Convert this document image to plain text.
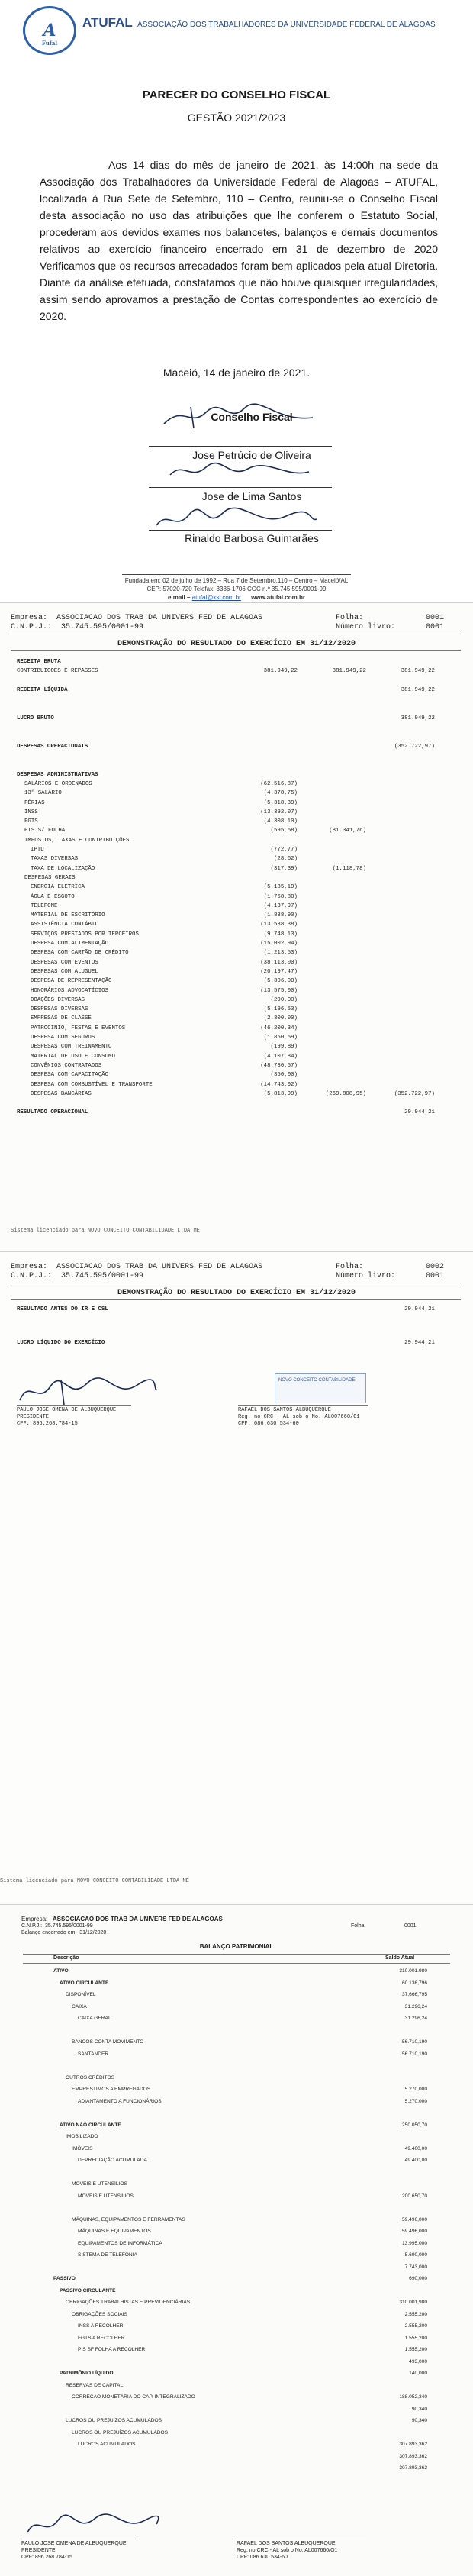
A
Fufal
ATUFAL ASSOCIAÇÃO DOS TRABALHADORES DA UNIVERSIDADE FEDERAL DE ALAGOAS
PARECER DO CONSELHO FISCAL
GESTÃO 2021/2023

Aos 14 dias do mês de janeiro de 2021, às 14:00h na sede da Associação dos Trabalhadores da Universidade Federal de Alagoas – ATUFAL, localizada à Rua Sete de Setembro, 110 – Centro, reuniu-se o Conselho Fiscal desta associação no uso das atribuições que lhe conferem o Estatuto Social, procederam aos devidos exames nos balancetes, balanços e demais documentos relativos ao exercício financeiro encerrado em 31 de dezembro de 2020 Verificamos que os recursos arrecadados foram bem aplicados pela atual Diretoria. Diante da análise efetuada, constatamos que não houve quaisquer irregularidades, assim sendo aprovamos a prestação de Contas correspondentes ao exercício de 2020.

Maceió, 14 de janeiro de 2021.
Conselho Fiscal
Jose Petrúcio de Oliveira
Jose de Lima Santos
Rinaldo Barbosa Guimarães
Fundada em: 02 de julho de 1992 – Rua 7 de Setembro,110 – Centro – Maceió/AL
CEP: 57020-720 Telefax: 3336-1706 CGC n.º 35.745.595/0001-99
e.mail – atufal@ksl.com.br www.atufal.com.br
Empresa: ASSOCIACAO DOS TRAB DA UNIVERS FED DE ALAGOAS
C.N.P.J.: 35.745.595/0001-99
Folha:	0001
Número livro:	0001
DEMONSTRAÇÃO DO RESULTADO DO EXERCÍCIO EM 31/12/2020
RECEITA BRUTA
CONTRIBUICOES E REPASSES	381.949,22	381.949,22	381.949,22
RECEITA LÍQUIDA	381.949,22
LUCRO BRUTO	381.949,22
DESPESAS OPERACIONAIS	(352.722,97)
DESPESAS ADMINISTRATIVAS
SALÁRIOS E ORDENADOS	(62.516,87)
13º SALÁRIO	(4.378,75)
FÉRIAS	(5.318,39)
INSS	(13.392,07)
FGTS	(4.308,10)
PIS S/ FOLHA	(595,58)	(81.341,76)
IMPOSTOS, TAXAS E CONTRIBUIÇÕES
IPTU	(772,77)
TAXAS DIVERSAS	(28,62)
TAXA DE LOCALIZAÇÃO	(317,39)	(1.118,78)
DESPESAS GERAIS
ENERGIA ELÉTRICA	(5.185,19)
ÁGUA E ESGOTO	(1.768,80)
TELEFONE	(4.137,97)
MATERIAL DE ESCRITÓRIO	(1.838,90)
ASSISTÊNCIA CONTÁBIL	(13.538,38)
SERVIÇOS PRESTADOS POR TERCEIROS	(9.748,13)
DESPESA COM ALIMENTAÇÃO	(15.002,94)
DESPESA COM CARTÃO DE CRÉDITO	(1.213,53)
DESPESAS COM EVENTOS	(38.113,00)
DESPESAS COM ALUGUEL	(20.197,47)
DESPESA DE REPRESENTAÇÃO	(5.306,00)
HONORÁRIOS ADVOCATÍCIOS	(13.575,00)
DOAÇÕES DIVERSAS	(290,00)
DESPESAS DIVERSAS	(5.196,53)
EMPRESAS DE CLASSE	(2.300,00)
PATROCÍNIO, FESTAS E EVENTOS	(46.200,34)
DESPESA COM SEGUROS	(1.850,59)
DESPESAS COM TREINAMENTO	(199,89)
MATERIAL DE USO E CONSUMO	(4.107,84)
CONVÊNIOS CONTRATADOS	(48.730,57)
DESPESA COM CAPACITAÇÃO	(350,00)
DESPESA COM COMBUSTÍVEL E TRANSPORTE	(14.743,02)
DESPESAS BANCÁRIAS	(5.813,99)	(269.808,95)	(352.722,97)
RESULTADO OPERACIONAL	29.944,21
Sistema licenciado para NOVO CONCEITO CONTABILIDADE LTDA ME
Empresa: ASSOCIACAO DOS TRAB DA UNIVERS FED DE ALAGOAS
C.N.P.J.: 35.745.595/0001-99
Folha:	0002
Número livro:	0001
DEMONSTRAÇÃO DO RESULTADO DO EXERCÍCIO EM 31/12/2020
RESULTADO ANTES DO IR E CSL	29.944,21
LUCRO LÍQUIDO DO EXERCÍCIO	29.944,21
PAULO JOSE OMENA DE ALBUQUERQUE
PRESIDENTE
CPF: 896.268.784-15
NOVO CONCEITO CONTABILIDADE
RAFAEL DOS SANTOS ALBUQUERQUE
Reg. no CRC - AL sob o No. AL007660/O1
CPF: 086.630.534-60
Sistema licenciado para NOVO CONCEITO CONTABILIDADE LTDA ME
Empresa: ASSOCIACAO DOS TRAB DA UNIVERS FED DE ALAGOAS
C.N.P.J.: 35.745.595/0001-99
Balanço encerrado em: 31/12/2020
Folha:	0001
BALANÇO PATRIMONIAL
Descrição	Saldo Atual
ATIVO	310.001.980
ATIVO CIRCULANTE	60.136,796
DISPONÍVEL	37.666,795
CAIXA	31.296,24
CAIXA GERAL	31.296,24
BANCOS CONTA MOVIMENTO	56.710,190
SANTANDER	56.710,190
OUTROS CRÉDITOS
EMPRÉSTIMOS A EMPREGADOS	5.270,000
ADIANTAMENTO A FUNCIONÁRIOS	5.270,000
ATIVO NÃO CIRCULANTE	250.050,70
IMOBILIZADO
IMÓVEIS	49.400,00
DEPRECIAÇÃO ACUMULADA	49.400,00
MÓVEIS E UTENSÍLIOS
MÓVEIS E UTENSÍLIOS	200.650,70
MÁQUINAS, EQUIPAMENTOS E FERRAMENTAS	59.496,000
MÁQUINAS E EQUIPAMENTOS	59.496,000
EQUIPAMENTOS DE INFORMÁTICA	13.995,000
SISTEMA DE TELEFONIA	5.690,000
7.743,000
PASSIVO	690,000
PASSIVO CIRCULANTE
OBRIGAÇÕES TRABALHISTAS E PREVIDENCIÁRIAS	310.001,980
OBRIGAÇÕES SOCIAIS	2.555,200
INSS A RECOLHER	2.555,200
FGTS A RECOLHER	1.555,200
PIS SF FOLHA A RECOLHER	1.555,200
493,000
PATRIMÔNIO LÍQUIDO	140,000
RESERVAS DE CAPITAL
CORREÇÃO MONETÁRIA DO CAP. INTEGRALIZADO	188.052,340
90,340
LUCROS OU PREJUÍZOS ACUMULADOS	90,340
LUCROS OU PREJUÍZOS ACUMULADOS
LUCROS ACUMULADOS	307.893,362
307.893,362
307.893,362
PAULO JOSE OMENA DE ALBUQUERQUE
PRESIDENTE
CPF: 896.268.784-15
RAFAEL DOS SANTOS ALBUQUERQUE
Reg. no CRC - AL sob o No. AL007660/O1
CPF: 086.630.534-60
